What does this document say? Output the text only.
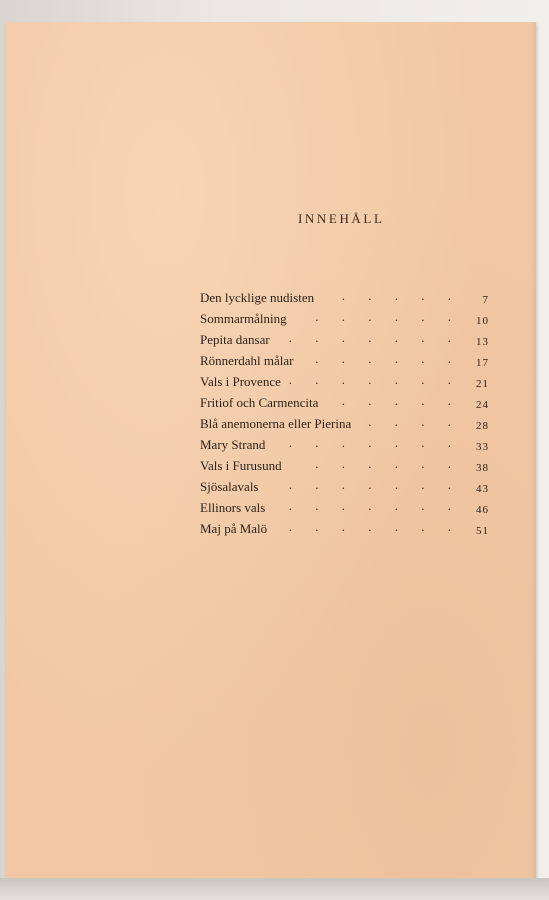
INNEHÅLL
Den lycklige nudisten . . . . . 7
Sommarmålning . . . . . . 10
Pepita dansar . . . . . . . 13
Rönnerdahl målar . . . . . . 17
Vals i Provence . . . . . . . 21
Fritiof och Carmencita . . . . . 24
Blå anemonerna eller Pierina . . . . 28
Mary Strand . . . . . . . 33
Vals i Furusund	. . . . . . 38
Sjösalavals . . . . . . . 43
Ellinors vals . . . . . . . 46
Maj på Malö . . . . . . . 51
